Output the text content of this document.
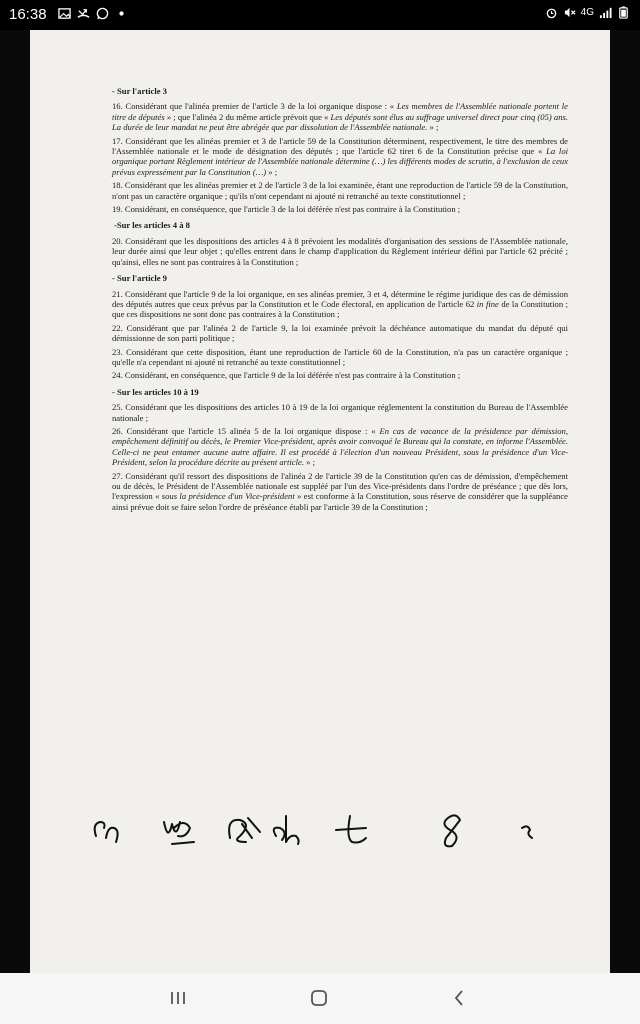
16:38	4G
- Sur l'article 3

16. Considérant que l'alinéa premier de l'article 3 de la loi organique dispose : « Les membres de l'Assemblée nationale portent le titre de députés » ; que l'alinéa 2 du même article prévoit que « Les députés sont élus au suffrage universel direct pour cinq (05) ans. La durée de leur mandat ne peut être abrégée que par dissolution de l'Assemblée nationale. » ;

17. Considérant que les alinéas premier et 3 de l'article 59 de la Constitution déterminent, respectivement, le titre des membres de l'Assemblée nationale et le mode de désignation des députés ; que l'article 62 tiret 6 de la Constitution précise que « La loi organique portant Règlement intérieur de l'Assemblée nationale détermine (…) les différents modes de scrutin, à l'exclusion de ceux prévus expressément par la Constitution (…) » ;

18. Considérant que les alinéas premier et 2 de l'article 3 de la loi examinée, étant une reproduction de l'article 59 de la Constitution, n'ont pas un caractère organique ; qu'ils n'ont cependant ni ajouté ni retranché au texte constitutionnel ;

19. Considérant, en conséquence, que l'article 3 de la loi déférée n'est pas contraire à la Constitution ;

-Sur les articles 4 à 8

20. Considérant que les dispositions des articles 4 à 8 prévoient les modalités d'organisation des sessions de l'Assemblée nationale, leur durée ainsi que leur objet ; qu'elles entrent dans le champ d'application du Règlement intérieur défini par l'article 62 précité ; qu'ainsi, elles ne sont pas contraires à la Constitution ;

- Sur l'article 9

21. Considérant que l'article 9 de la loi organique, en ses alinéas premier, 3 et 4, détermine le régime juridique des cas de démission des députés autres que ceux prévus par la Constitution et le Code électoral, en application de l'article 62 in fine de la Constitution ; que ces dispositions ne sont donc pas contraires à la Constitution ;

22. Considérant que par l'alinéa 2 de l'article 9, la loi examinée prévoit la déchéance automatique du mandat du député qui démissionne de son parti politique ;

23. Considérant que cette disposition, étant une reproduction de l'article 60 de la Constitution, n'a pas un caractère organique ; qu'elle n'a cependant ni ajouté ni retranché au texte constitutionnel ;

24. Considérant, en conséquence, que l'article 9 de la loi déférée n'est pas contraire à la Constitution ;

- Sur les articles 10 à 19

25. Considérant que les dispositions des articles 10 à 19 de la loi organique réglementent la constitution du Bureau de l'Assemblée nationale ;

26. Considérant que l'article 15 alinéa 5 de la loi organique dispose : « En cas de vacance de la présidence par démission, empêchement définitif ou décès, le Premier Vice-président, après avoir convoqué le Bureau qui la constate, en informe l'Assemblée. Celle-ci ne peut entamer aucune autre affaire. Il est procédé à l'élection d'un nouveau Président, sous la présidence d'un Vice-Président, selon la procédure décrite au présent article. » ;

27. Considérant qu'il ressort des dispositions de l'alinéa 2 de l'article 39 de la Constitution qu'en cas de démission, d'empêchement ou de décès, le Président de l'Assemblée nationale est suppléé par l'un des Vice-présidents dans l'ordre de préséance ; que dès lors, l'expression « sous la présidence d'un Vice-président » est conforme à la Constitution, sous réserve de considérer que la suppléance ainsi prévue doit se faire selon l'ordre de préséance établi par l'article 39 de la Constitution ;
